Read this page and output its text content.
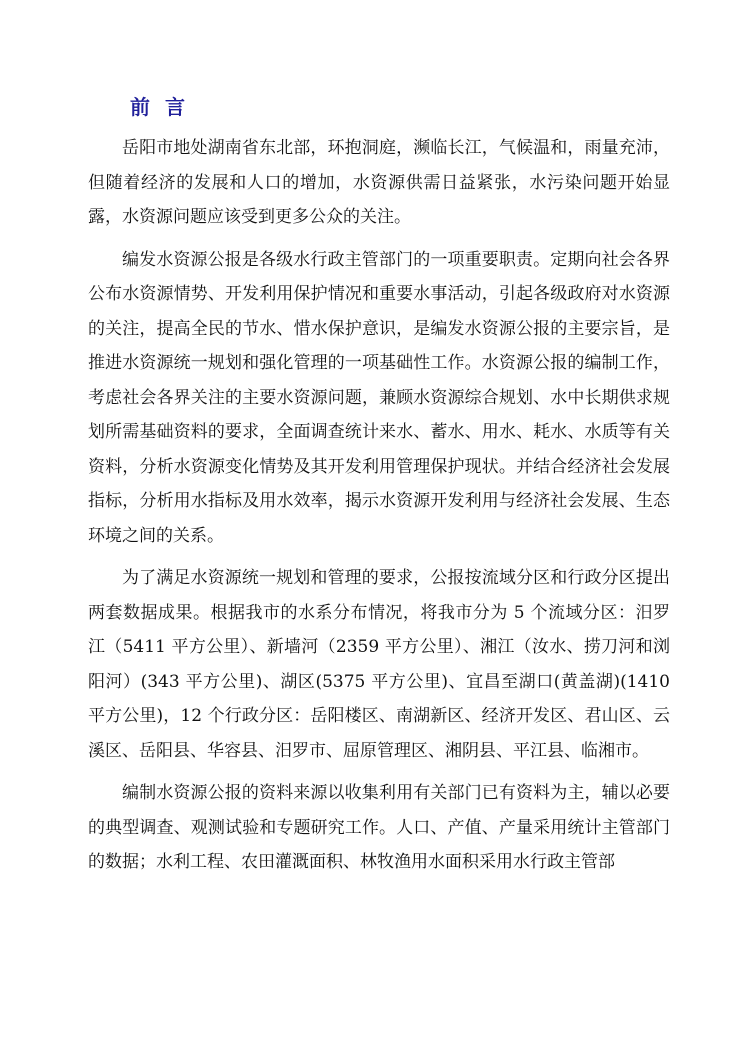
前 言

岳阳市地处湖南省东北部，环抱洞庭，濒临长江，气候温和，雨量充沛，但随着经济的发展和人口的增加，水资源供需日益紧张，水污染问题开始显露，水资源问题应该受到更多公众的关注。

编发水资源公报是各级水行政主管部门的一项重要职责。定期向社会各界公布水资源情势、开发利用保护情况和重要水事活动，引起各级政府对水资源的关注，提高全民的节水、惜水保护意识，是编发水资源公报的主要宗旨，是推进水资源统一规划和强化管理的一项基础性工作。水资源公报的编制工作，考虑社会各界关注的主要水资源问题，兼顾水资源综合规划、水中长期供求规划所需基础资料的要求，全面调查统计来水、蓄水、用水、耗水、水质等有关资料，分析水资源变化情势及其开发利用管理保护现状。并结合经济社会发展指标，分析用水指标及用水效率，揭示水资源开发利用与经济社会发展、生态环境之间的关系。

为了满足水资源统一规划和管理的要求，公报按流域分区和行政分区提出两套数据成果。根据我市的水系分布情况，将我市分为 5 个流域分区：汨罗江（5411 平方公里）、新墙河（2359 平方公里）、湘江（汝水、捞刀河和浏阳河）(343 平方公里)、湖区(5375 平方公里)、宜昌至湖口(黄盖湖)(1410 平方公里)，12 个行政分区：岳阳楼区、南湖新区、经济开发区、君山区、云溪区、岳阳县、华容县、汨罗市、屈原管理区、湘阴县、平江县、临湘市。

编制水资源公报的资料来源以收集利用有关部门已有资料为主，辅以必要的典型调查、观测试验和专题研究工作。人口、产值、产量采用统计主管部门的数据；水利工程、农田灌溉面积、林牧渔用水面积采用水行政主管部
